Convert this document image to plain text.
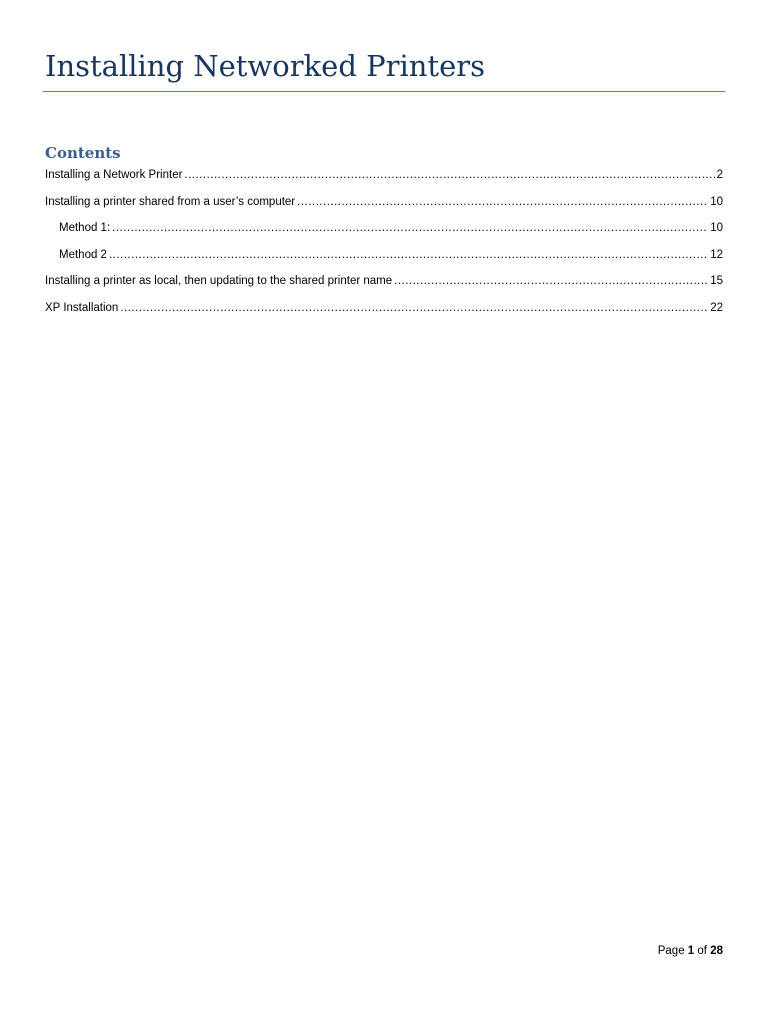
Installing Networked Printers
Contents
Installing a Network Printer .....	2
Installing a printer shared from a user’s computer .....	10
Method 1: .....	10
Method 2 .....	12
Installing a printer as local, then updating to the shared printer name .....	15
XP Installation .....	22
Page 1 of 28
